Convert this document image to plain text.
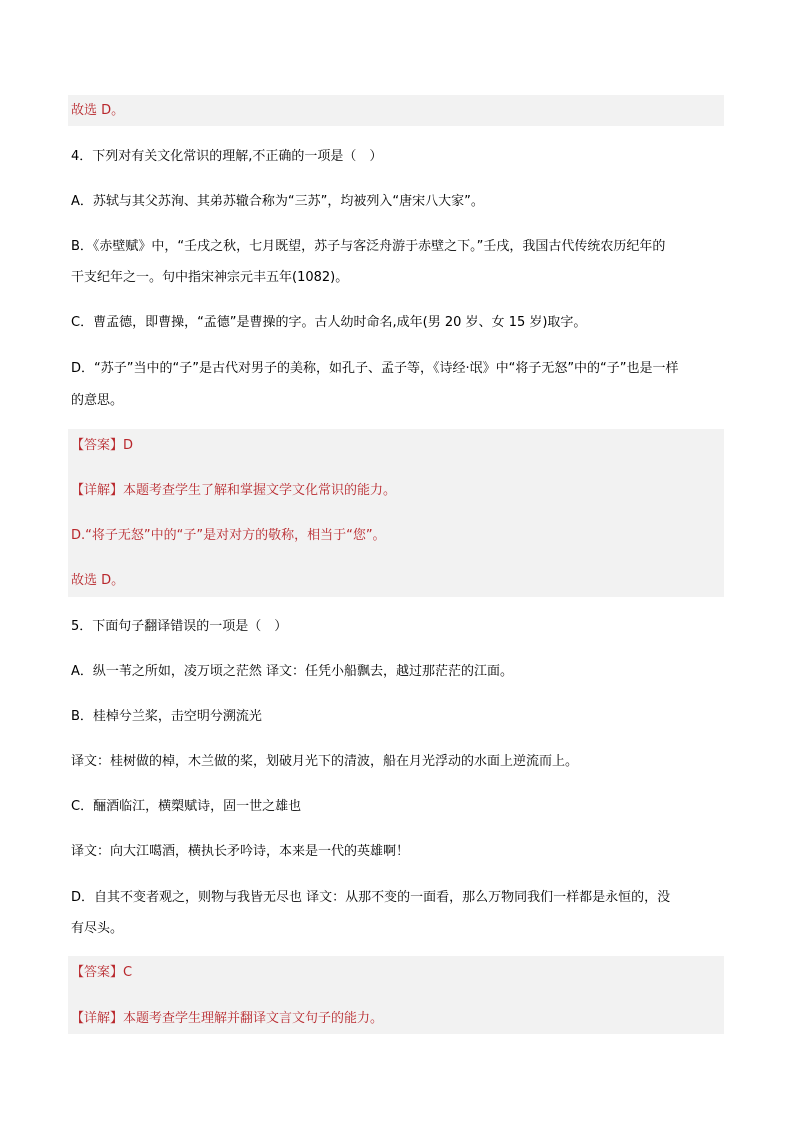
故选 D。
4．下列对有关文化常识的理解,不正确的一项是（　）
A．苏轼与其父苏洵、其弟苏辙合称为“三苏”，均被列入“唐宋八大家”。
B．《赤壁赋》中，“壬戌之秋，七月既望，苏子与客泛舟游于赤壁之下。”壬戌，我国古代传统农历纪年的
干支纪年之一。句中指宋神宗元丰五年(1082)。
C．曹孟德，即曹操，“孟德”是曹操的字。古人幼时命名,成年(男 20 岁、女 15 岁)取字。
D．“苏子”当中的“子”是古代对男子的美称，如孔子、孟子等，《诗经·氓》中“将子无怒”中的“子”也是一样
的意思。
【答案】D
【详解】本题考查学生了解和掌握文学文化常识的能力。
D.“将子无怒”中的“子”是对对方的敬称，相当于“您”。
故选 D。
5．下面句子翻译错误的一项是（　）
A．纵一苇之所如，凌万顷之茫然 译文：任凭小船飘去，越过那茫茫的江面。
B．桂棹兮兰桨，击空明兮溯流光
译文：桂树做的棹，木兰做的桨，划破月光下的清波，船在月光浮动的水面上逆流而上。
C．酾酒临江，横槊赋诗，固一世之雄也
译文：向大江噶酒，横执长矛吟诗，本来是一代的英雄啊！
D．自其不变者观之，则物与我皆无尽也 译文：从那不变的一面看，那么万物同我们一样都是永恒的，没
有尽头。
【答案】C
【详解】本题考查学生理解并翻译文言文句子的能力。
